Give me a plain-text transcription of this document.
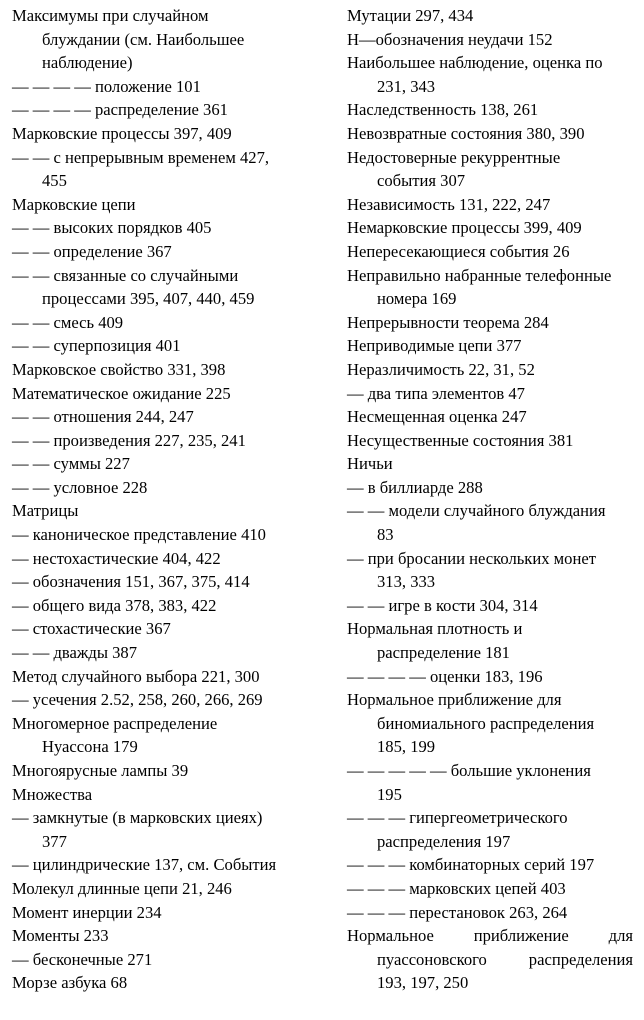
Максимумы при случайном
блуждании (см. Наибольшее
наблюдение)
— — — — положение 101
— — — — распределение 361
Марковские процессы 397, 409
— — с непрерывным временем 427,
455
Марковские цепи
— — высоких порядков 405
— — определение 367
— — связанные со случайными
процессами 395, 407, 440, 459
— — смесь 409
— — суперпозиция 401
Марковское свойство 331, 398
Математическое ожидание 225
— — отношения 244, 247
— — произведения 227, 235, 241
— — суммы 227
— — условное 228
Матрицы
— каноническое представление 410
— нестохастические 404, 422
— обозначения 151, 367, 375, 414
— общего вида 378, 383, 422
— стохастические 367
— — дважды 387
Метод случайного выбора 221, 300
— усечения 2.52, 258, 260, 266, 269
Многомерное распределение
Нуассона 179
Многоярусные лампы 39
Множества
— замкнутые (в марковских циеях)
377
— цилиндрические 137, см. События
Молекул длинные цепи 21, 246
Момент инерции 234
Моменты 233
— бесконечные 271
Морзе азбука 68
Мутации 297, 434
Н—обозначения неудачи 152
Наибольшее наблюдение, оценка по
231, 343
Наследственность 138, 261
Невозвратные состояния 380, 390
Недостоверные рекуррентные
события 307
Независимость 131, 222, 247
Немарковские процессы 399, 409
Непересекающиеся события 26
Неправильно набранные телефонные
номера 169
Непрерывности теорема 284
Неприводимые цепи 377
Неразличимость 22, 31, 52
— два типа элементов 47
Несмещенная оценка 247
Несущественные состояния 381
Ничьи
— в биллиарде 288
— — модели случайного блуждания
83
— при бросании нескольких монет
313, 333
— — игре в кости 304, 314
Нормальная плотность и
распределение 181
— — — — оценки 183, 196
Нормальное приближение для
биномиального распределения
185, 199
— — — — — большие уклонения
195
— — — гипергеометрического
распределения 197
— — — комбинаторных серий 197
— — — марковских цепей 403
— — — перестановок 263, 264
Нормальное приближение для
пуассоновского распределения
193, 197, 250
